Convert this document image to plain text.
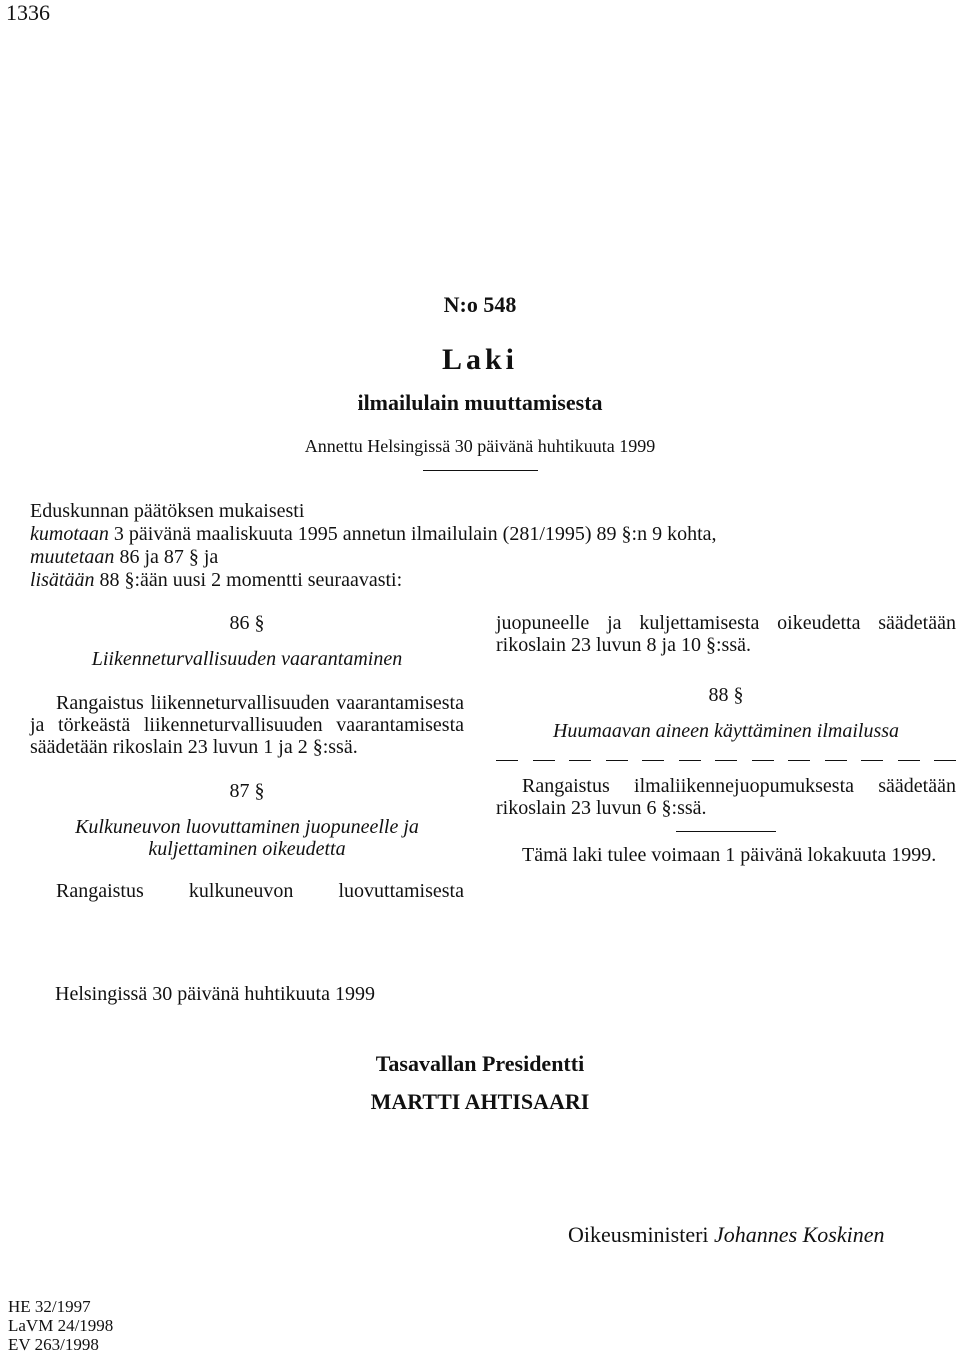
1336
N:o 548
Laki
ilmailulain muuttamisesta
Annettu Helsingissä 30 päivänä huhtikuuta 1999
Eduskunnan päätöksen mukaisesti
kumotaan 3 päivänä maaliskuuta 1995 annetun ilmailulain (281/1995) 89 §:n 9 kohta,
muutetaan 86 ja 87 § ja
lisätään 88 §:ään uusi 2 momentti seuraavasti:
86 §
Liikenneturvallisuuden vaarantaminen
Rangaistus liikenneturvallisuuden vaarantamisesta ja törkeästä liikenneturvallisuuden vaarantamisesta säädetään rikoslain 23 luvun 1 ja 2 §:ssä.
87 §
Kulkuneuvon luovuttaminen juopuneelle ja kuljettaminen oikeudetta
Rangaistus kulkuneuvon luovuttamisesta
juopuneelle ja kuljettamisesta oikeudetta säädetään rikoslain 23 luvun 8 ja 10 §:ssä.
88 §
Huumaavan aineen käyttäminen ilmailussa
Rangaistus ilmaliikennejuopumuksesta säädetään rikoslain 23 luvun 6 §:ssä.
Tämä laki tulee voimaan 1 päivänä lokakuuta 1999.
Helsingissä 30 päivänä huhtikuuta 1999
Tasavallan Presidentti
MARTTI AHTISAARI
Oikeusministeri Johannes Koskinen
HE 32/1997
LaVM 24/1998
EV 263/1998
